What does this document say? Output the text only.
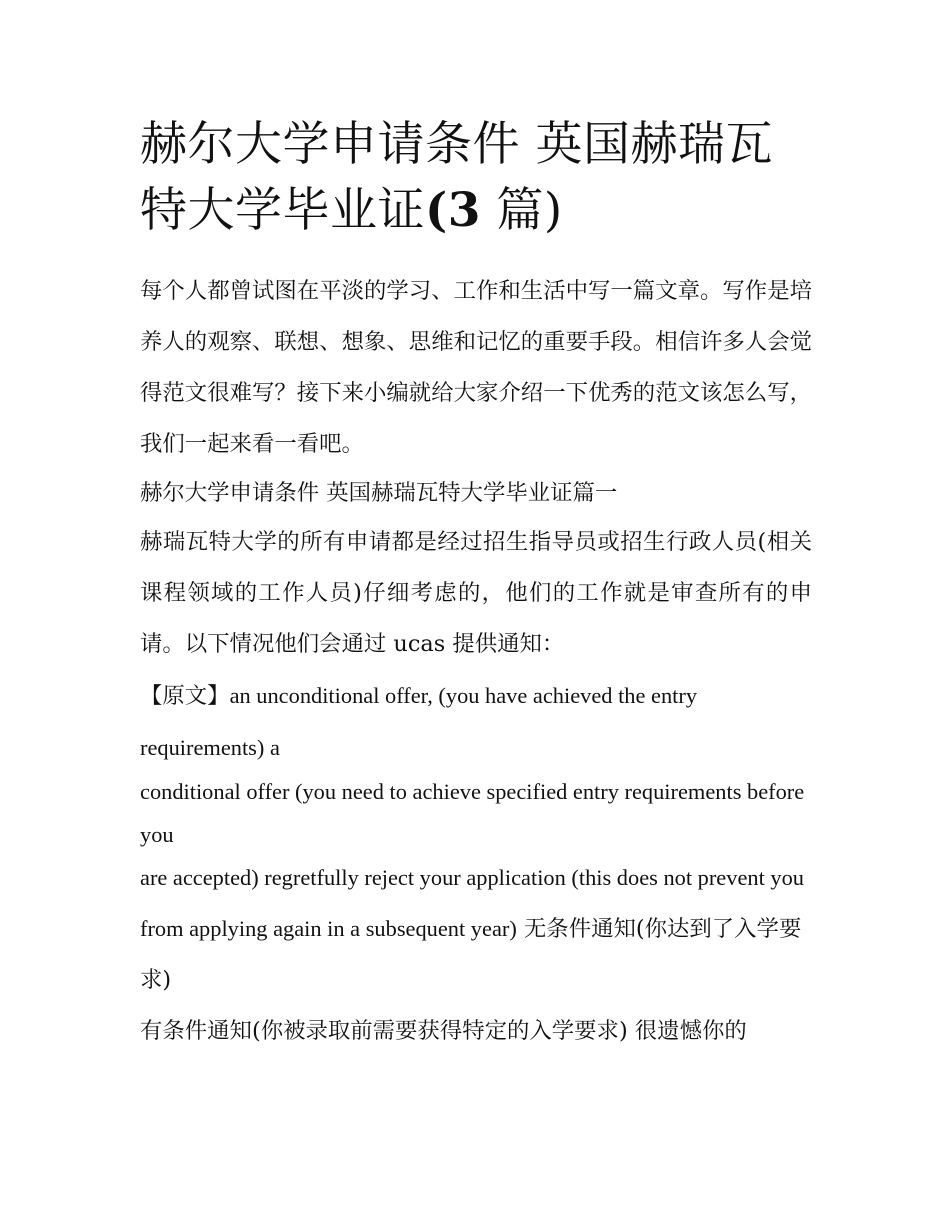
赫尔大学申请条件 英国赫瑞瓦特大学毕业证(3 篇)

每个人都曾试图在平淡的学习、工作和生活中写一篇文章。写作是培养人的观察、联想、想象、思维和记忆的重要手段。相信许多人会觉得范文很难写？接下来小编就给大家介绍一下优秀的范文该怎么写，我们一起来看一看吧。

赫尔大学申请条件 英国赫瑞瓦特大学毕业证篇一

赫瑞瓦特大学的所有申请都是经过招生指导员或招生行政人员(相关课程领域的工作人员)仔细考虑的，他们的工作就是审查所有的申请。以下情况他们会通过 ucas 提供通知：

【原文】an unconditional offer, (you have achieved the entry requirements) a

conditional offer (you need to achieve specified entry requirements before you

are accepted) regretfully reject your application (this does not prevent you

from applying again in a subsequent year) 无条件通知(你达到了入学要求)

有条件通知(你被录取前需要获得特定的入学要求) 很遗憾你的
